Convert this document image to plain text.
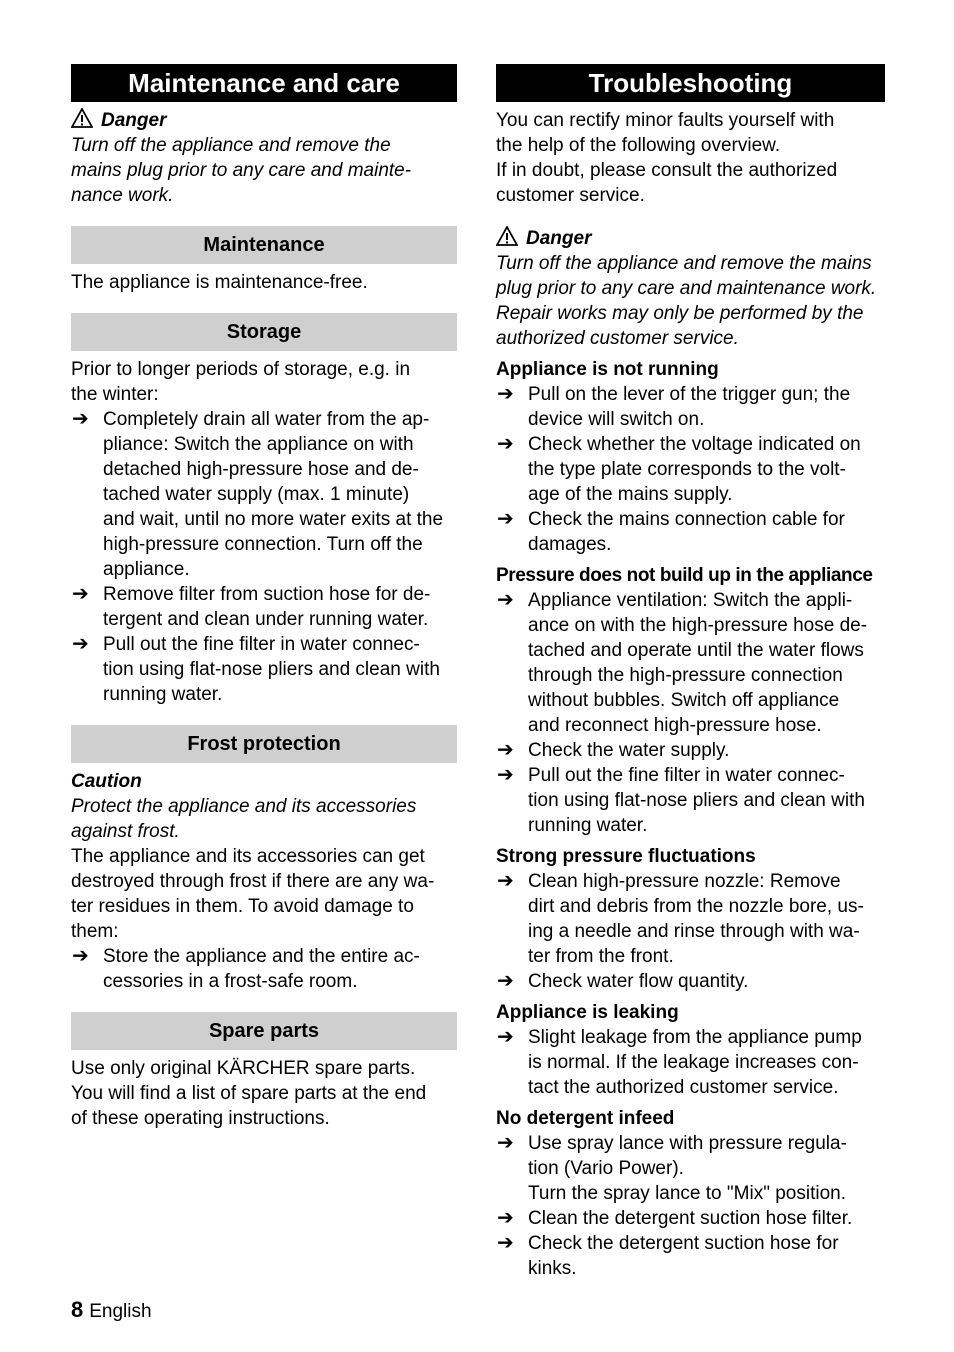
Maintenance and care
Danger
Turn off the appliance and remove the
mains plug prior to any care and mainte-
nance work.
Maintenance
The appliance is maintenance-free.
Storage
Prior to longer periods of storage, e.g. in
the winter:
➔ Completely drain all water from the ap-
pliance: Switch the appliance on with
detached high-pressure hose and de-
tached water supply (max. 1 minute)
and wait, until no more water exits at the
high-pressure connection. Turn off the
appliance.
➔ Remove filter from suction hose for de-
tergent and clean under running water.
➔ Pull out the fine filter in water connec-
tion using flat-nose pliers and clean with
running water.
Frost protection
Caution
Protect the appliance and its accessories
against frost.
The appliance and its accessories can get
destroyed through frost if there are any wa-
ter residues in them. To avoid damage to
them:
➔ Store the appliance and the entire ac-
cessories in a frost-safe room.
Spare parts
Use only original KÄRCHER spare parts.
You will find a list of spare parts at the end
of these operating instructions.
Troubleshooting
You can rectify minor faults yourself with
the help of the following overview.
If in doubt, please consult the authorized
customer service.
Danger
Turn off the appliance and remove the mains
plug prior to any care and maintenance work.
Repair works may only be performed by the
authorized customer service.
Appliance is not running
➔ Pull on the lever of the trigger gun; the
device will switch on.
➔ Check whether the voltage indicated on
the type plate corresponds to the volt-
age of the mains supply.
➔ Check the mains connection cable for
damages.
Pressure does not build up in the appliance
➔ Appliance ventilation: Switch the appli-
ance on with the high-pressure hose de-
tached and operate until the water flows
through the high-pressure connection
without bubbles. Switch off appliance
and reconnect high-pressure hose.
➔ Check the water supply.
➔ Pull out the fine filter in water connec-
tion using flat-nose pliers and clean with
running water.
Strong pressure fluctuations
➔ Clean high-pressure nozzle: Remove
dirt and debris from the nozzle bore, us-
ing a needle and rinse through with wa-
ter from the front.
➔ Check water flow quantity.
Appliance is leaking
➔ Slight leakage from the appliance pump
is normal. If the leakage increases con-
tact the authorized customer service.
No detergent infeed
➔ Use spray lance with pressure regula-
tion (Vario Power).
Turn the spray lance to "Mix" position.
➔ Clean the detergent suction hose filter.
➔ Check the detergent suction hose for
kinks.
8 English
